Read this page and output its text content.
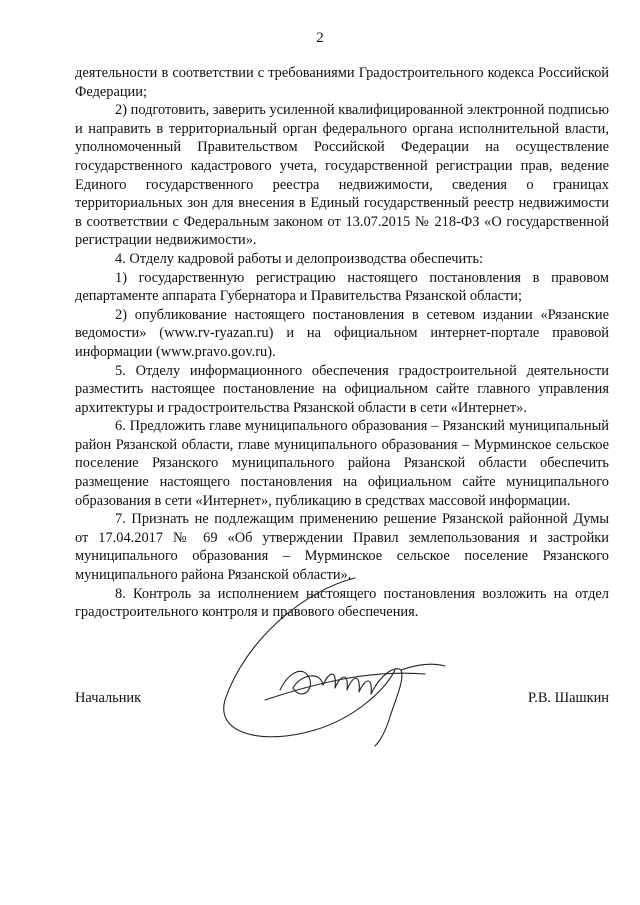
2

деятельности в соответствии с требованиями Градостроительного кодекса Российской Федерации;

2) подготовить, заверить усиленной квалифицированной электронной подписью и направить в территориальный орган федерального органа исполнительной власти, уполномоченный Правительством Российской Федерации на осуществление государственного кадастрового учета, государственной регистрации прав, ведение Единого государственного реестра недвижимости, сведения о границах территориальных зон для внесения в Единый государственный реестр недвижимости в соответствии с Федеральным законом от 13.07.2015 № 218-ФЗ «О государственной регистрации недвижимости».

4. Отделу кадровой работы и делопроизводства обеспечить:

1) государственную регистрацию настоящего постановления в правовом департаменте аппарата Губернатора и Правительства Рязанской области;

2) опубликование настоящего постановления в сетевом издании «Рязанские ведомости» (www.rv-ryazan.ru) и на официальном интернет-портале правовой информации (www.pravo.gov.ru).

5. Отделу информационного обеспечения градостроительной деятельности разместить настоящее постановление на официальном сайте главного управления архитектуры и градостроительства Рязанской области в сети «Интернет».

6. Предложить главе муниципального образования – Рязанский муниципальный район Рязанской области, главе муниципального образования – Мурминское сельское поселение Рязанского муниципального района Рязанской области обеспечить размещение настоящего постановления на официальном сайте муниципального образования в сети «Интернет», публикацию в средствах массовой информации.

7. Признать не подлежащим применению решение Рязанской районной Думы от 17.04.2017 № 69 «Об утверждении Правил землепользования и застройки муниципального образования – Мурминское сельское поселение Рязанского муниципального района Рязанской области».

8. Контроль за исполнением настоящего постановления возложить на отдел градостроительного контроля и правового обеспечения.

Начальник	Р.В. Шашкин
